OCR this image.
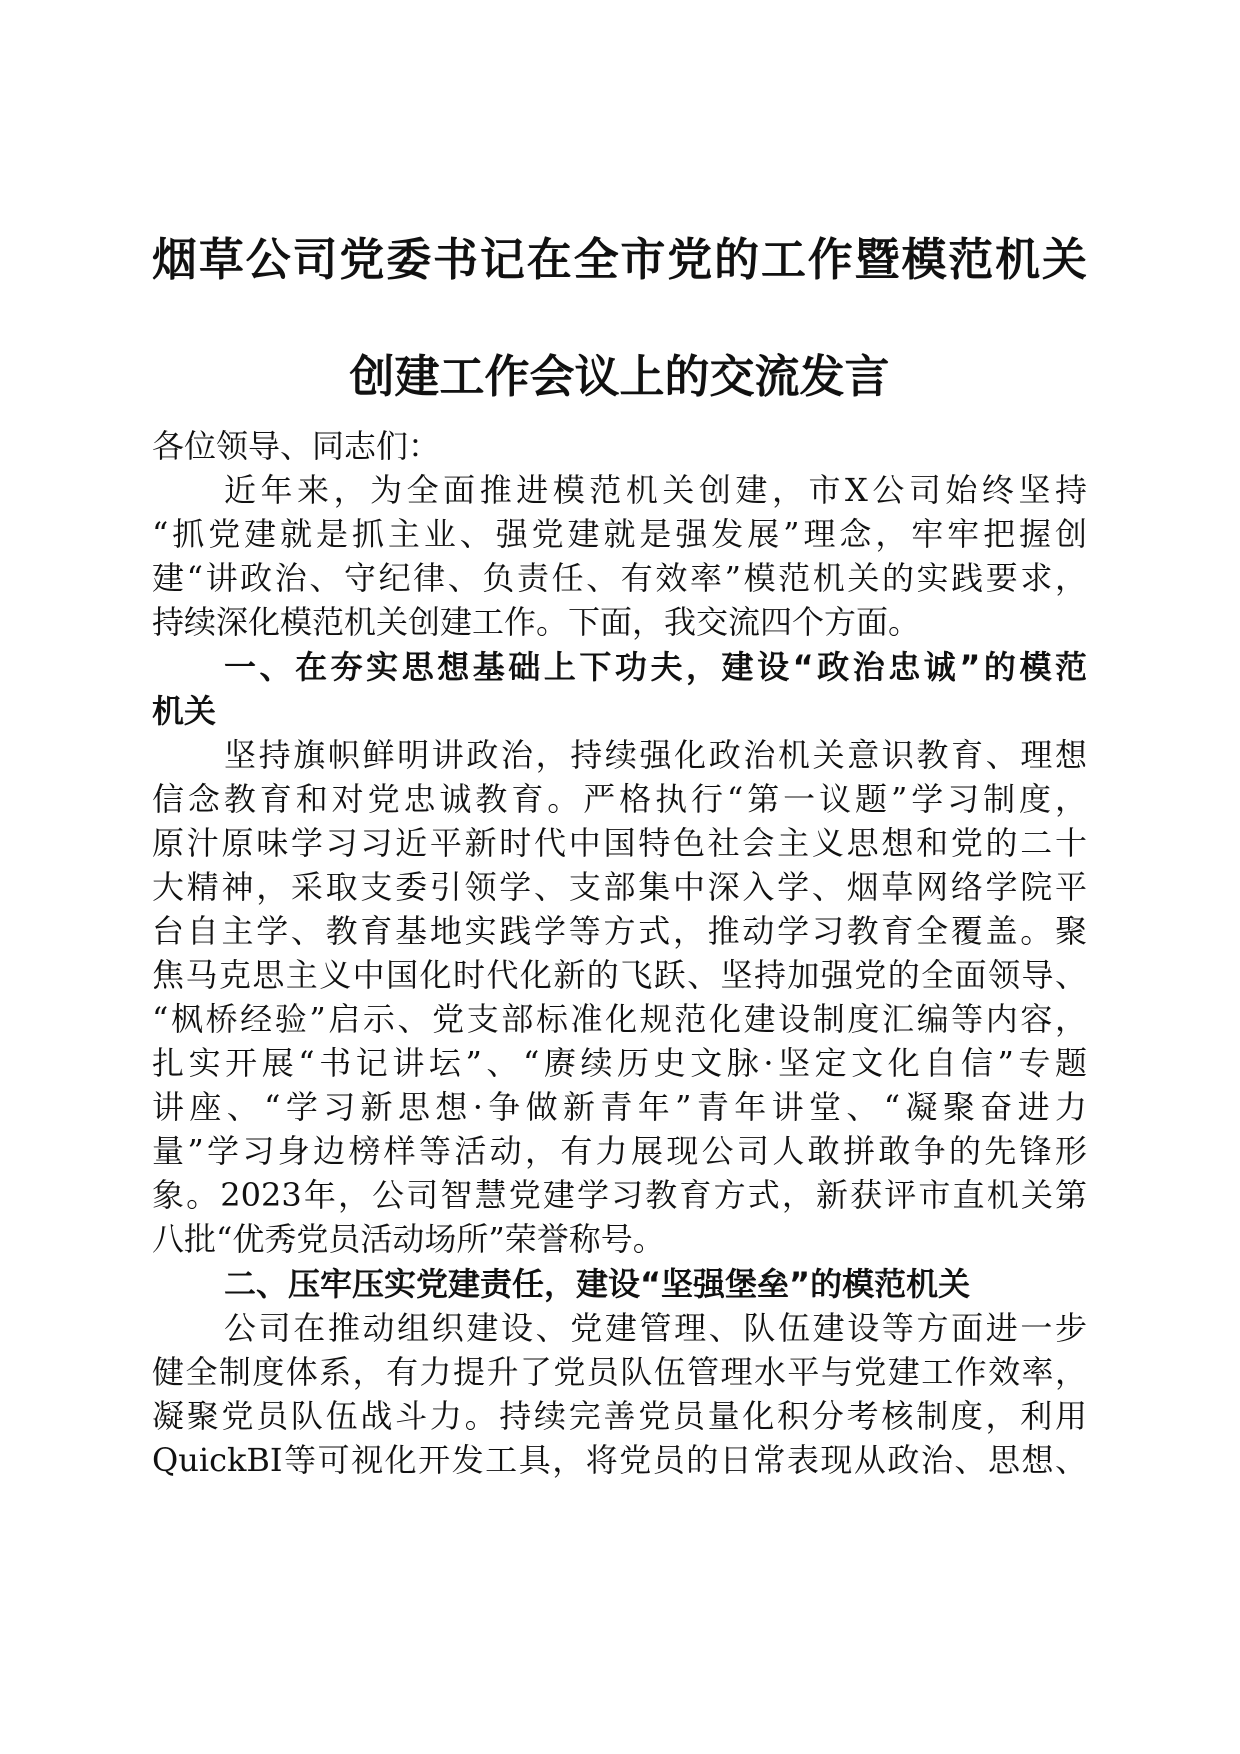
烟草公司党委书记在全市党的工作暨模范机关
创建工作会议上的交流发言
各位领导、同志们：
近年来，为全面推进模范机关创建，市X公司始终坚持
“抓党建就是抓主业、强党建就是强发展”理念，牢牢把握创
建“讲政治、守纪律、负责任、有效率”模范机关的实践要求，
持续深化模范机关创建工作。下面，我交流四个方面。
一、在夯实思想基础上下功夫，建设“政治忠诚”的模范
机关
坚持旗帜鲜明讲政治，持续强化政治机关意识教育、理想
信念教育和对党忠诚教育。严格执行“第一议题”学习制度，
原汁原味学习习近平新时代中国特色社会主义思想和党的二十
大精神，采取支委引领学、支部集中深入学、烟草网络学院平
台自主学、教育基地实践学等方式，推动学习教育全覆盖。聚
焦马克思主义中国化时代化新的飞跃、坚持加强党的全面领导、
“枫桥经验”启示、党支部标准化规范化建设制度汇编等内容，
扎实开展“书记讲坛”、“赓续历史文脉·坚定文化自信”专题
讲座、“学习新思想·争做新青年”青年讲堂、“凝聚奋进力
量”学习身边榜样等活动，有力展现公司人敢拼敢争的先锋形
象。2023年，公司智慧党建学习教育方式，新获评市直机关第
八批“优秀党员活动场所”荣誉称号。
二、压牢压实党建责任，建设“坚强堡垒”的模范机关
公司在推动组织建设、党建管理、队伍建设等方面进一步
健全制度体系，有力提升了党员队伍管理水平与党建工作效率，
凝聚党员队伍战斗力。持续完善党员量化积分考核制度，利用
QuickBI等可视化开发工具，将党员的日常表现从政治、思想、
